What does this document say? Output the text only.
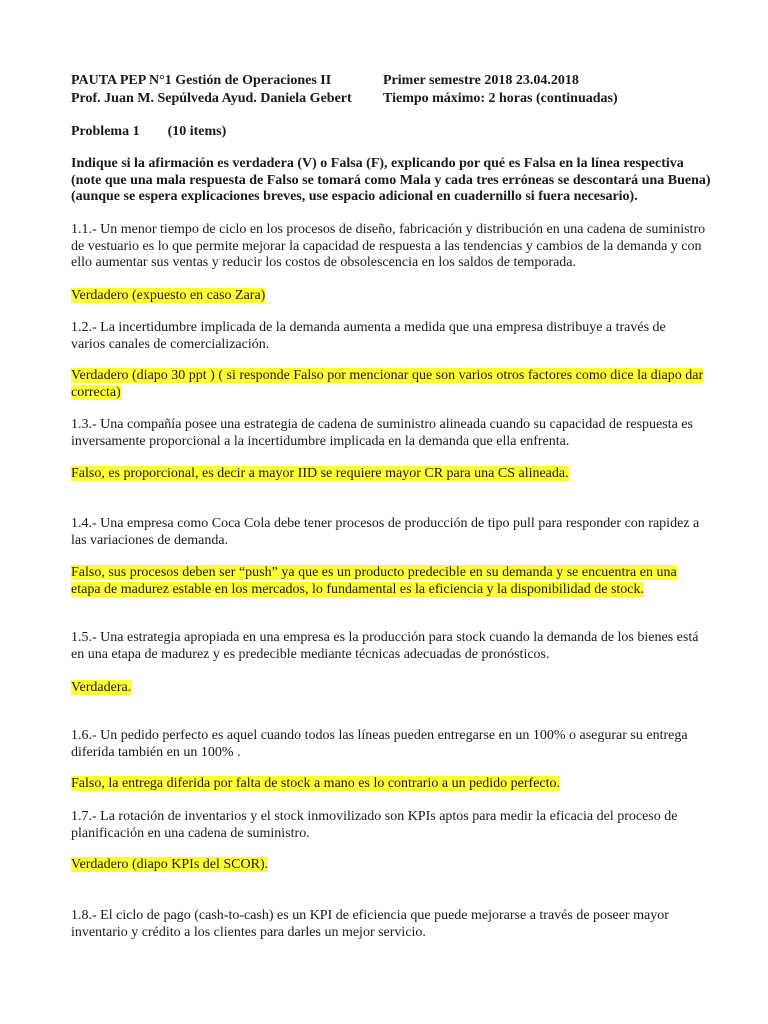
PAUTA PEP N°1 Gestión de Operaciones II	Primer semestre 2018 23.04.2018
Prof. Juan M. Sepúlveda Ayud. Daniela Gebert Tiempo máximo: 2 horas (continuadas)
Problema 1        (10 items)
Indique si la afirmación es verdadera (V) o Falsa (F), explicando por qué es Falsa en la línea respectiva (note que una mala respuesta de Falso se tomará como Mala y cada tres erróneas se descontará una Buena) (aunque se espera explicaciones breves, use espacio adicional en cuadernillo si fuera necesario).
1.1.- Un menor tiempo de ciclo en los procesos de diseño, fabricación y distribución en una cadena de suministro de vestuario es lo que permite mejorar la capacidad de respuesta a las tendencias y cambios de la demanda y con ello aumentar sus ventas y reducir los costos de obsolescencia en los saldos de temporada.
Verdadero (expuesto en caso Zara)
1.2.- La incertidumbre implicada de la demanda aumenta a medida que una empresa distribuye a través de varios canales de comercialización.
Verdadero (diapo 30 ppt ) ( si responde Falso por mencionar que son varios otros factores como dice la diapo dar correcta)
1.3.- Una compañía posee una estrategia de cadena de suministro alineada cuando su capacidad de respuesta es inversamente proporcional a la incertidumbre implicada en la demanda que ella enfrenta.
Falso, es proporcional, es decir a mayor IID se requiere mayor CR para una CS alineada.
1.4.- Una empresa como Coca Cola debe tener procesos de producción de tipo pull para responder con rapidez a las variaciones de demanda.
Falso, sus procesos deben ser “push” ya que es un producto predecible en su demanda y se encuentra en una etapa de madurez estable en los mercados, lo fundamental es la eficiencia y la disponibilidad de stock.
1.5.- Una estrategia apropiada en una empresa es la producción para stock cuando la demanda de los bienes está en una etapa de madurez y es predecible mediante técnicas adecuadas de pronósticos.
Verdadera.
1.6.- Un pedido perfecto es aquel cuando todos las líneas pueden entregarse en un 100% o asegurar su entrega diferida también en un 100% .
Falso, la entrega diferida por falta de stock a mano es lo contrario a un pedido perfecto.
1.7.- La rotación de inventarios y el stock inmovilizado son KPIs aptos para medir la eficacia del proceso de planificación en una cadena de suministro.
Verdadero (diapo KPIs del SCOR).
1.8.- El ciclo de pago (cash-to-cash) es un KPI de eficiencia que puede mejorarse a través de poseer mayor inventario y crédito a los clientes para darles un mejor servicio.
